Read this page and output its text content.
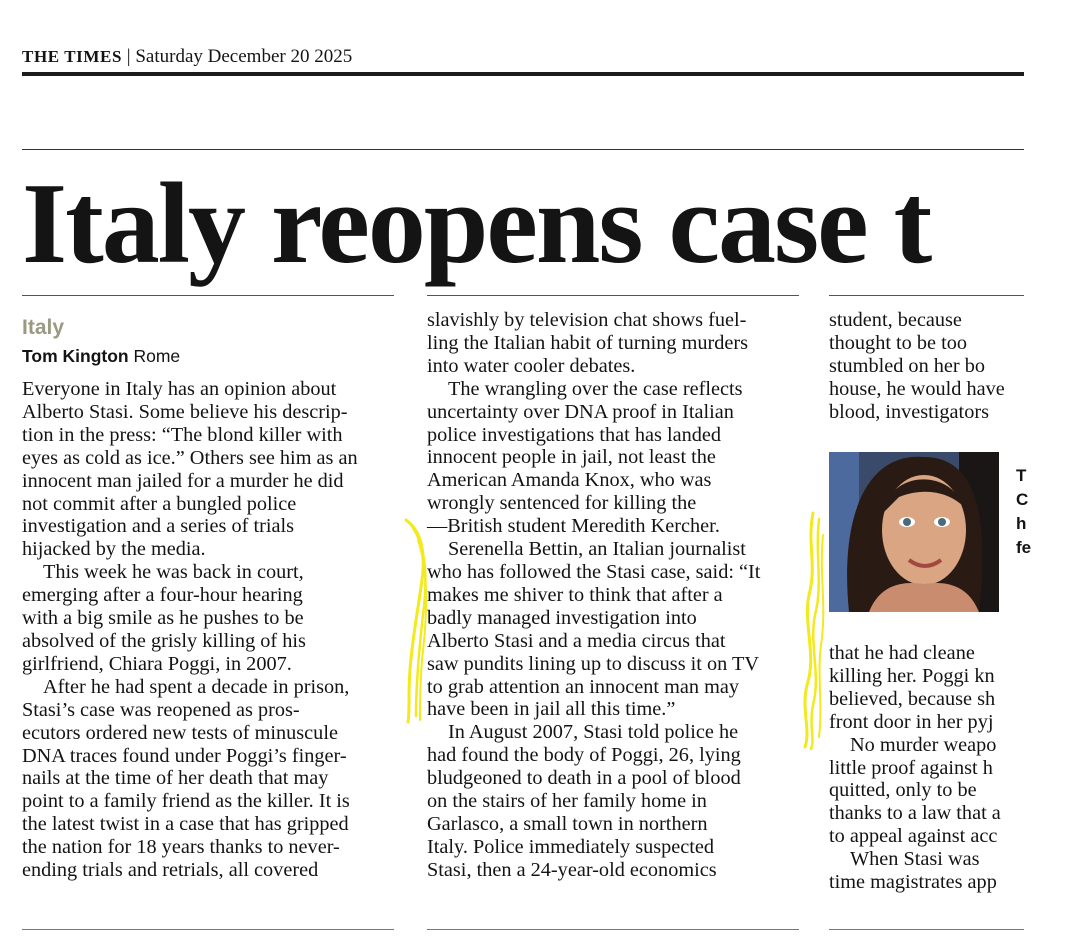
THE TIMES | Saturday December 20 2025
Italy reopens case t
Italy
Tom Kington Rome

Everyone in Italy has an opinion about

Alberto Stasi. Some believe his descrip-

tion in the press: “The blond killer with

eyes as cold as ice.” Others see him as an

innocent man jailed for a murder he did

not commit after a bungled police

investigation and a series of trials

hijacked by the media.

This week he was back in court,

emerging after a four-hour hearing

with a big smile as he pushes to be

absolved of the grisly killing of his

girlfriend, Chiara Poggi, in 2007.

After he had spent a decade in prison,

Stasi’s case was reopened as pros-

ecutors ordered new tests of minuscule

DNA traces found under Poggi’s finger-

nails at the time of her death that may

point to a family friend as the killer. It is

the latest twist in a case that has gripped

the nation for 18 years thanks to never-

ending trials and retrials, all covered

slavishly by television chat shows fuel-

ling the Italian habit of turning murders

into water cooler debates.

The wrangling over the case reflects

uncertainty over DNA proof in Italian

police investigations that has landed

innocent people in jail, not least the

American Amanda Knox, who was

wrongly sentenced for killing the

—British student Meredith Kercher.

Serenella Bettin, an Italian journalist

who has followed the Stasi case, said: “It

makes me shiver to think that after a

badly managed investigation into

Alberto Stasi and a media circus that

saw pundits lining up to discuss it on TV

to grab attention an innocent man may

have been in jail all this time.”

In August 2007, Stasi told police he

had found the body of Poggi, 26, lying

bludgeoned to death in a pool of blood

on the stairs of her family home in

Garlasco, a small town in northern

Italy. Police immediately suspected

Stasi, then a 24-year-old economics

student, because

thought to be too

stumbled on her bo

house, he would have

blood, investigators

T
C
h
fe

that he had cleane

killing her. Poggi kn

believed, because sh

front door in her pyj

No murder weapo

little proof against h

quitted, only to be

thanks to a law that a

to appeal against acc

When Stasi was

time magistrates app
